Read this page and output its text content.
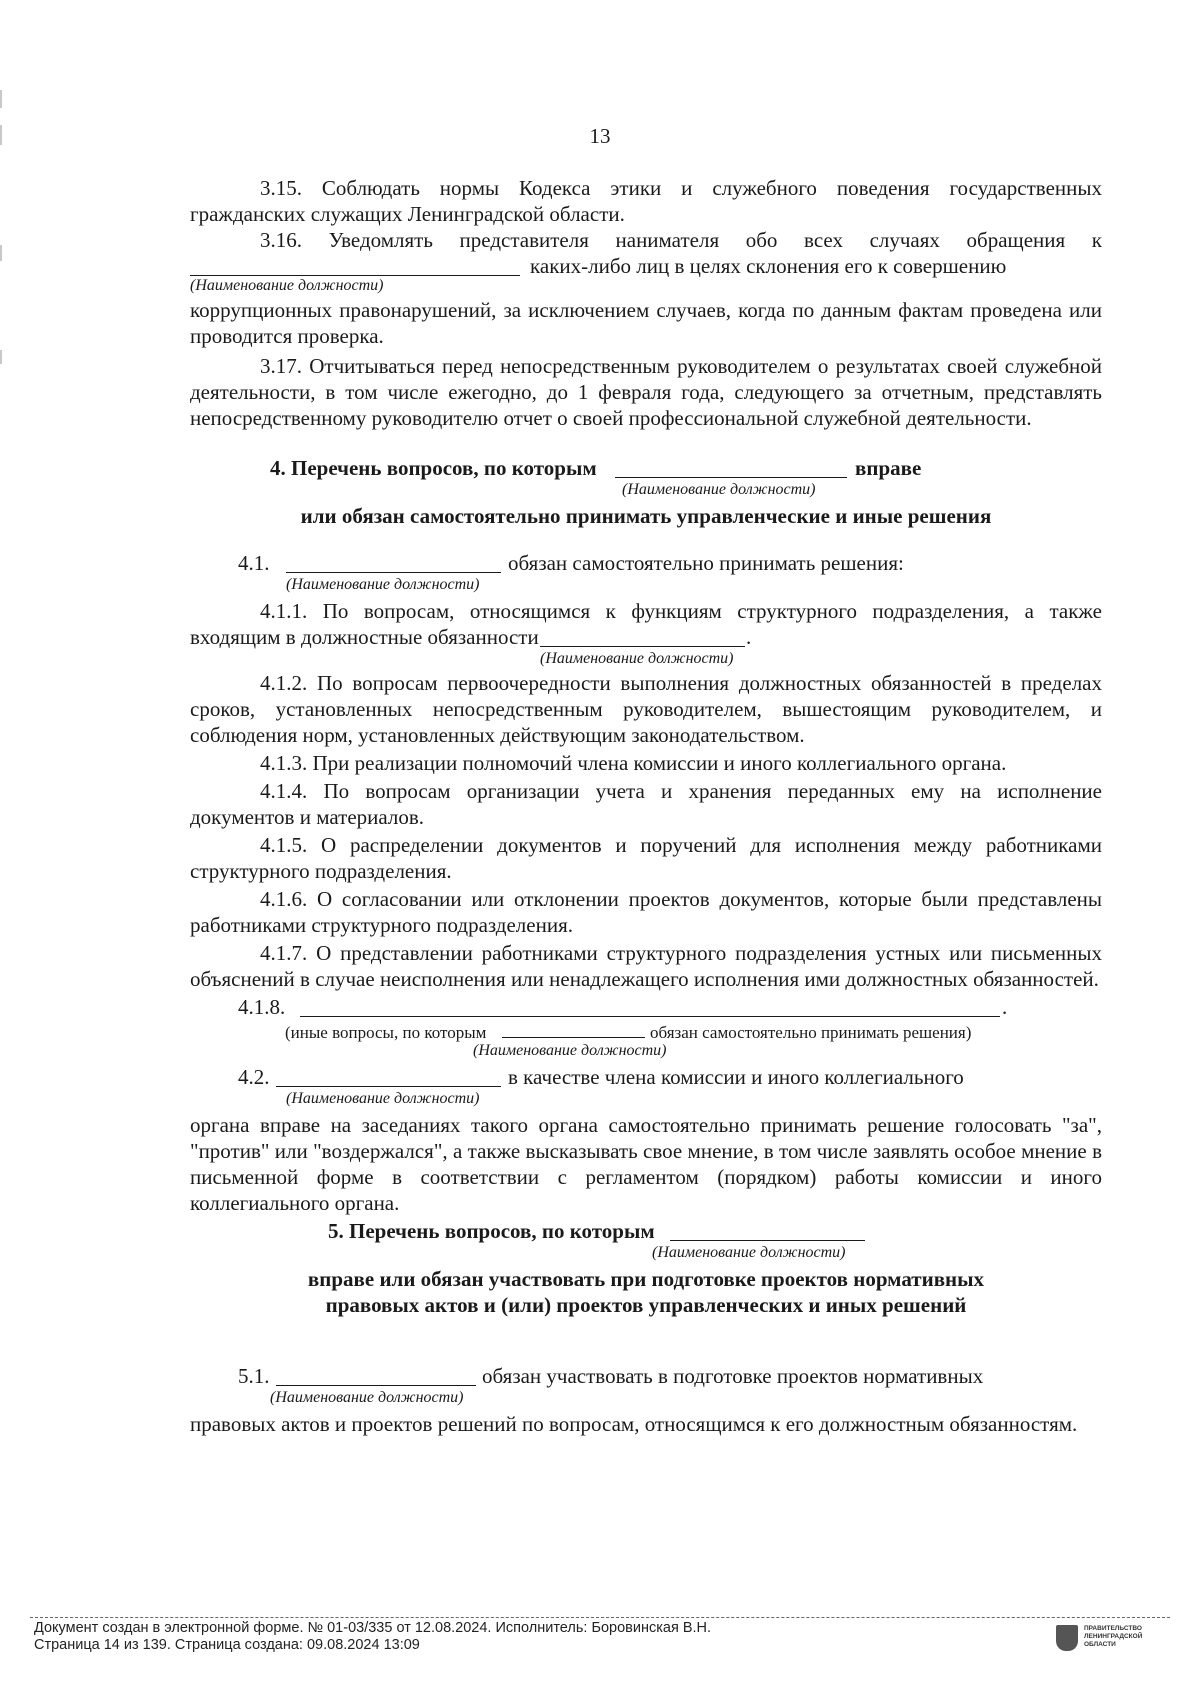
13

3.15. Соблюдать нормы Кодекса этики и служебного поведения государственных гражданских служащих Ленинградской области.

3.16. Уведомлять представителя нанимателя обо всех случаях обращения к

каких-либо лиц в целях склонения его к совершению
(Наименование должности)

коррупционных правонарушений, за исключением случаев, когда по данным фактам проведена или проводится проверка.

3.17. Отчитываться перед непосредственным руководителем о результатах своей служебной деятельности, в том числе ежегодно, до 1 февраля года, следующего за отчетным, представлять непосредственному руководителю отчет о своей профессиональной служебной деятельности.

4. Перечень вопросов, по которым	вправе
(Наименование должности)
или обязан самостоятельно принимать управленческие и иные решения
4.1.	обязан самостоятельно принимать решения:
(Наименование должности)

4.1.1. По вопросам, относящимся к функциям структурного подразделения, а также

входящим в должностные обязанности	.
(Наименование должности)

4.1.2. По вопросам первоочередности выполнения должностных обязанностей в пределах сроков, установленных непосредственным руководителем, вышестоящим руководителем, и соблюдения норм, установленных действующим законодательством.

4.1.3. При реализации полномочий члена комиссии и иного коллегиального органа.

4.1.4. По вопросам организации учета и хранения переданных ему на исполнение документов и материалов.

4.1.5. О распределении документов и поручений для исполнения между работниками структурного подразделения.

4.1.6. О согласовании или отклонении проектов документов, которые были представлены работниками структурного подразделения.

4.1.7. О представлении работниками структурного подразделения устных или письменных объяснений в случае неисполнения или ненадлежащего исполнения ими должностных обязанностей.

4.1.8.	.
(иные вопросы, по которым	обязан самостоятельно принимать решения)
(Наименование должности)
4.2.	в качестве члена комиссии и иного коллегиального
(Наименование должности)

органа вправе на заседаниях такого органа самостоятельно принимать решение голосовать "за", "против" или "воздержался", а также высказывать свое мнение, в том числе заявлять особое мнение в письменной форме в соответствии с регламентом (порядком) работы комиссии и иного коллегиального органа.

5. Перечень вопросов, по которым
(Наименование должности)
вправе или обязан участвовать при подготовке проектов нормативных
правовых актов и (или) проектов управленческих и иных решений
5.1.	обязан участвовать в подготовке проектов нормативных
(Наименование должности)

правовых актов и проектов решений по вопросам, относящимся к его должностным обязанностям.

Документ создан в электронной форме. № 01-03/335 от 12.08.2024. Исполнитель: Боровинская В.Н.
Страница 14 из 139. Страница создана: 09.08.2024 13:09
ПРАВИТЕЛЬСТВО
ЛЕНИНГРАДСКОЙ
ОБЛАСТИ
